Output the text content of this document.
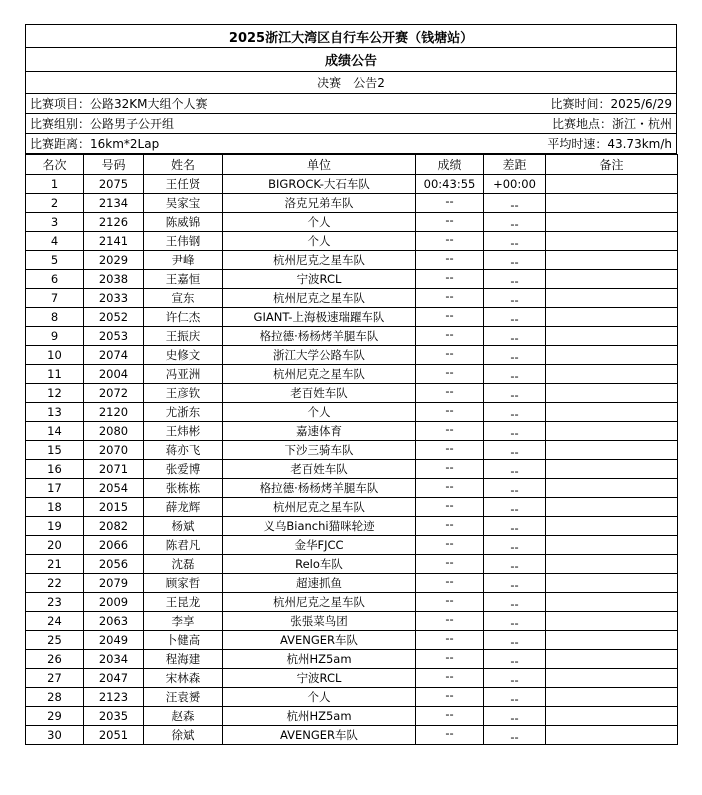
2025浙江大湾区自行车公开赛（钱塘站）
成绩公告
决赛 公告2
比赛项目：公路32KM大组个人赛	比赛时间：2025/6/29
比赛组别：公路男子公开组	比赛地点：浙江・杭州
比赛距离：16km*2Lap	平均时速：43.73km/h
名次	号码	姓名	单位	成绩	差距	备注
1	2075	王任贤	BIGROCK-大石车队	00:43:55	+00:00	
2	2134	吴家宝	洛克兄弟车队	--	--	
3	2126	陈威锦	个人	--	--	
4	2141	王伟钢	个人	--	--	
5	2029	尹峰	杭州尼克之星车队	--	--	
6	2038	王嘉恒	宁波RCL	--	--	
7	2033	宣东	杭州尼克之星车队	--	--	
8	2052	许仁杰	GIANT-上海极速瑞躍车队	--	--	
9	2053	王振庆	格拉德·杨杨烤羊腿车队	--	--	
10	2074	史修文	浙江大学公路车队	--	--	
11	2004	冯亚洲	杭州尼克之星车队	--	--	
12	2072	王彦钦	老百姓车队	--	--	
13	2120	尤浙东	个人	--	--	
14	2080	王炜彬	嘉速体育	--	--	
15	2070	蒋亦飞	下沙三骑车队	--	--	
16	2071	张爱博	老百姓车队	--	--	
17	2054	张栋栋	格拉德·杨杨烤羊腿车队	--	--	
18	2015	薛龙辉	杭州尼克之星车队	--	--	
19	2082	杨斌	义乌Bianchi猫咪轮迹	--	--	
20	2066	陈君凡	金华FJCC	--	--	
21	2056	沈磊	Relo车队	--	--	
22	2079	顾家哲	超速抓鱼	--	--	
23	2009	王昆龙	杭州尼克之星车队	--	--	
24	2063	李享	张張菜鸟团	--	--	
25	2049	卜健高	AVENGER车队	--	--	
26	2034	程海建	杭州HZ5am	--	--	
27	2047	宋林森	宁波RCL	--	--	
28	2123	汪袁赟	个人	--	--	
29	2035	赵森	杭州HZ5am	--	--	
30	2051	徐斌	AVENGER车队	--	--	
